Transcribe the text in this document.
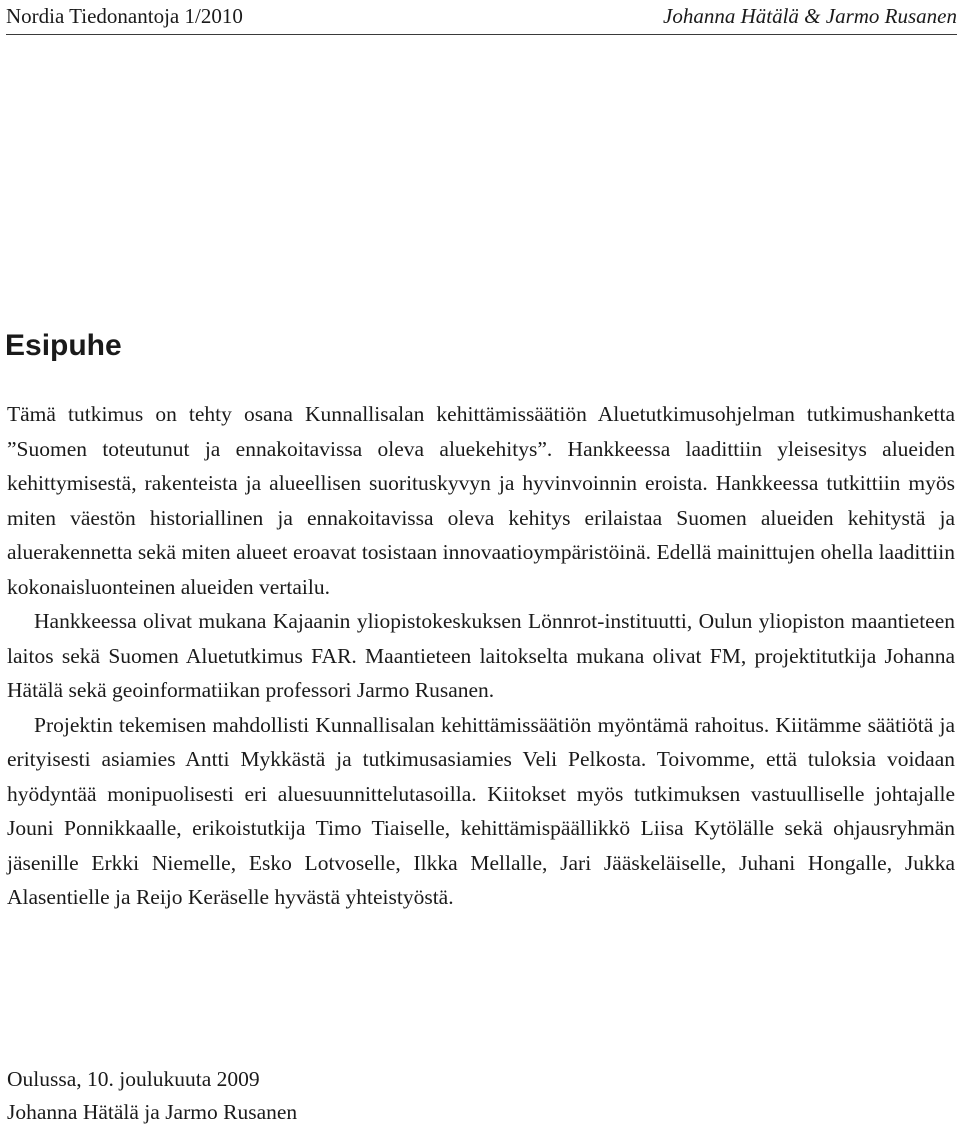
Nordia Tiedonantoja 1/2010	Johanna Hätälä & Jarmo Rusanen
Esipuhe

Tämä tutkimus on tehty osana Kunnallisalan kehittämissäätiön Aluetutkimusohjelman tutkimushanketta ”Suomen toteutunut ja ennakoitavissa oleva aluekehitys”. Hankkeessa laadittiin yleisesitys alueiden kehittymisestä, rakenteista ja alueellisen suorituskyvyn ja hyvinvoinnin eroista. Hankkeessa tutkittiin myös miten väestön historiallinen ja ennakoitavissa oleva kehitys erilaistaa Suomen alueiden kehitystä ja aluerakennetta sekä miten alueet eroavat tosistaan innovaatioympäristöinä. Edellä mainittujen ohella laadittiin kokonaisluonteinen alueiden vertailu.

Hankkeessa olivat mukana Kajaanin yliopistokeskuksen Lönnrot-instituutti, Oulun yliopiston maantieteen laitos sekä Suomen Aluetutkimus FAR. Maantieteen laitokselta mukana olivat FM, projektitutkija Johanna Hätälä sekä geoinformatiikan professori Jarmo Rusanen.

Projektin tekemisen mahdollisti Kunnallisalan kehittämissäätiön myöntämä rahoitus. Kiitämme säätiötä ja erityisesti asiamies Antti Mykkästä ja tutkimusasiamies Veli Pelkosta. Toivomme, että tuloksia voidaan hyödyntää monipuolisesti eri aluesuunnittelutasoilla. Kiitokset myös tutkimuksen vastuulliselle johtajalle Jouni Ponnikkaalle, erikoistutkija Timo Tiaiselle, kehittämispäällikkö Liisa Kytölälle sekä ohjausryhmän jäsenille Erkki Niemelle, Esko Lotvoselle, Ilkka Mellalle, Jari Jääskeläiselle, Juhani Hongalle, Jukka Alasentielle ja Reijo Keräselle hyvästä yhteistyöstä.

Oulussa, 10. joulukuuta 2009
Johanna Hätälä ja Jarmo Rusanen
